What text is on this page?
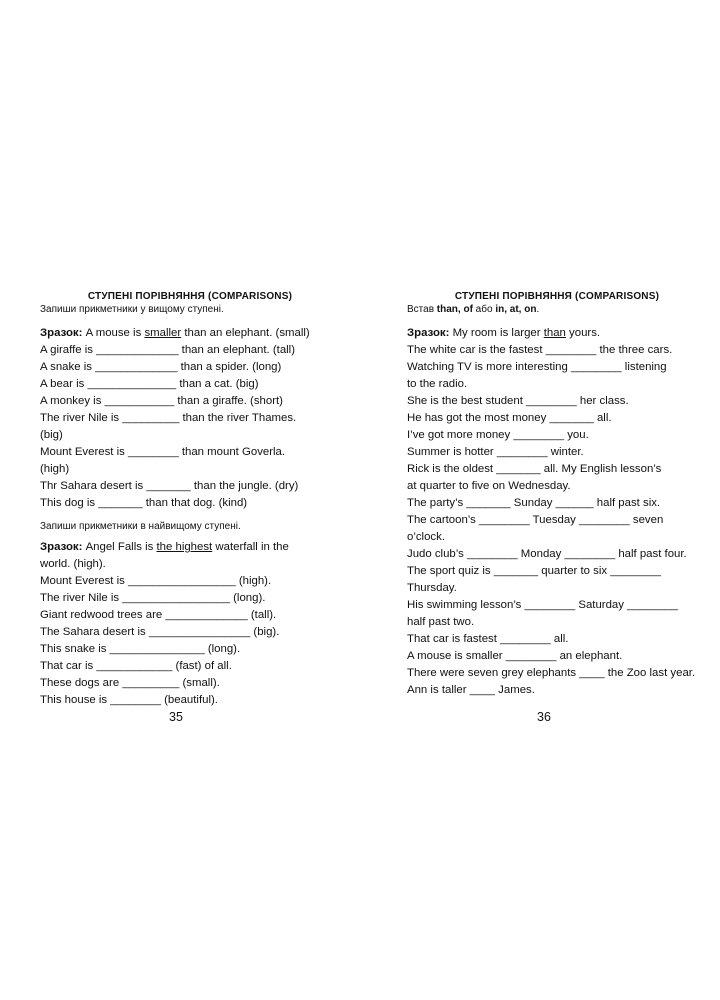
СТУПЕНІ ПОРІВНЯННЯ (COMPARISONS)
Запиши прикметники у вищому ступені.
Зразок: A mouse is smaller than an elephant. (small)
A giraffe is _____________ than an elephant. (tall)
A snake is _____________ than a spider. (long)
A bear is ______________ than a cat. (big)
A monkey is ___________ than a giraffe. (short)
The river Nile is _________ than the river Thames.
(big)
Mount Everest is ________ than mount Goverla.
(high)
Thr Sahara desert is _______ than the jungle. (dry)
This dog is _______ than that dog. (kind)
Запиши прикметники в найвищому ступені.
Зразок: Angel Falls is the highest waterfall in the
world. (high).
Mount Everest is _________________ (high).
The river Nile is _________________ (long).
Giant redwood trees are _____________ (tall).
The Sahara desert is ________________ (big).
This snake is _______________ (long).
That car is ____________ (fast) of all.
These dogs are _________ (small).
This house is ________ (beautiful).
СТУПЕНІ ПОРІВНЯННЯ (COMPARISONS)
Встав than, of або in, at, on.
Зразок: My room is larger than yours.
The white car is the fastest ________ the three cars.
Watching TV is more interesting ________ listening
to the radio.
She is the best student ________ her class.
He has got the most money _______ all.
I’ve got more money ________ you.
Summer is hotter ________ winter.
Rick is the oldest _______ all. My English lesson’s
at quarter to five on Wednesday.
The party’s _______ Sunday ______ half past six.
The cartoon’s ________ Tuesday ________ seven
o’clock.
Judo club’s ________ Monday ________ half past four.
The sport quiz is _______ quarter to six ________
Thursday.
His swimming lesson’s ________ Saturday ________
half past two.
That car is fastest ________ all.
A mouse is smaller ________ an elephant.
There were seven grey elephants ____ the Zoo last year.
Ann is taller ____ James.
35	36
